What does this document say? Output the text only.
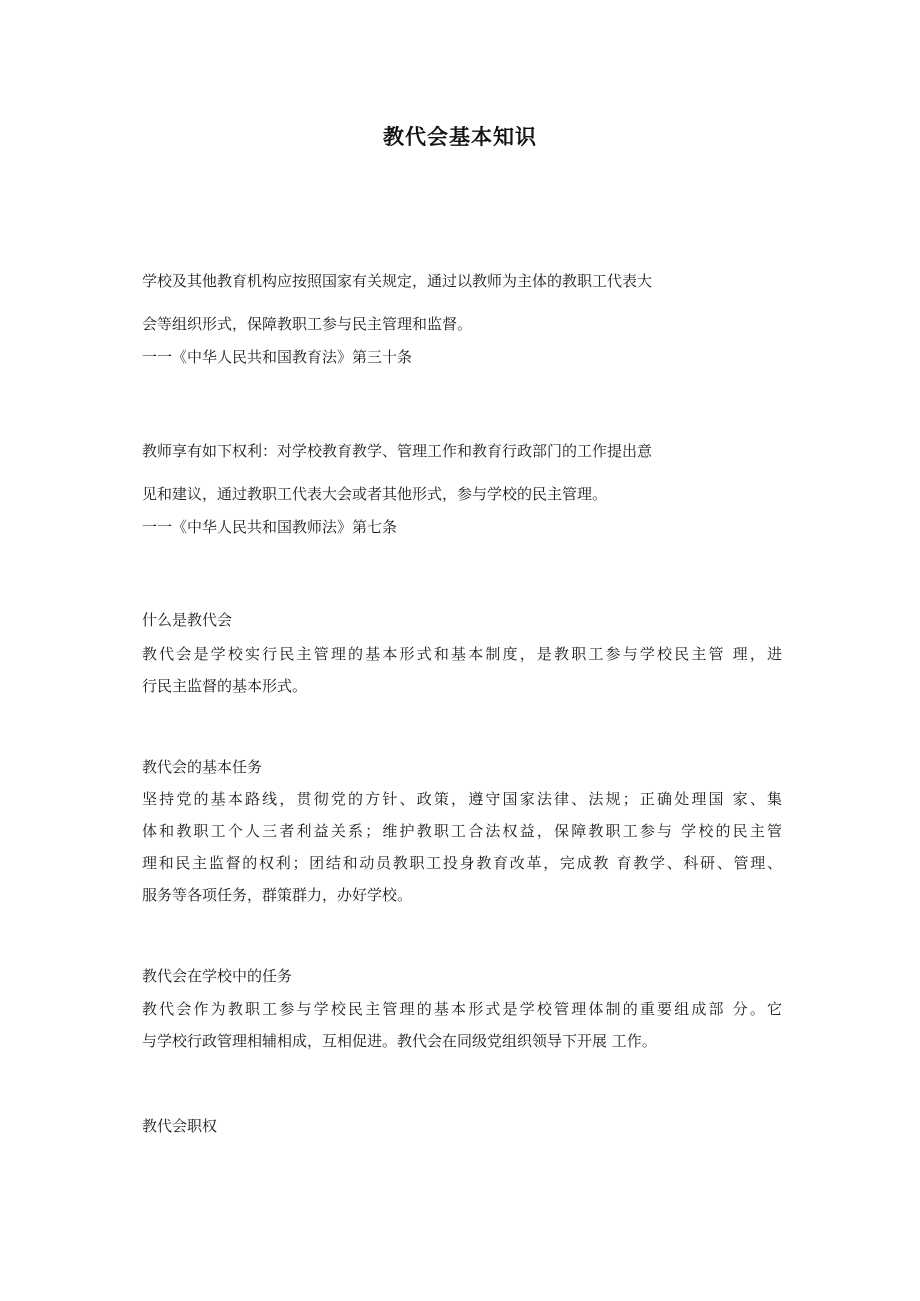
教代会基本知识
学校及其他教育机构应按照国家有关规定，通过以教师为主体的教职工代表大
会等组织形式，保障教职工参与民主管理和监督。
一一《中华人民共和国教育法》第三十条
教师享有如下权利：对学校教育教学、管理工作和教育行政部门的工作提出意
见和建议，通过教职工代表大会或者其他形式，参与学校的民主管理。
一一《中华人民共和国教师法》第七条
什么是教代会
教代会是学校实行民主管理的基本形式和基本制度，是教职工参与学校民主管 理，进
行民主监督的基本形式。
教代会的基本任务
坚持党的基本路线，贯彻党的方针、政策，遵守国家法律、法规；正确处理国 家、集
体和教职工个人三者利益关系；维护教职工合法权益，保障教职工参与 学校的民主管
理和民主监督的权利；团结和动员教职工投身教育改革，完成教 育教学、科研、管理、
服务等各项任务，群策群力，办好学校。
教代会在学校中的任务
教代会作为教职工参与学校民主管理的基本形式是学校管理体制的重要组成部 分。它
与学校行政管理相辅相成，互相促进。教代会在同级党组织领导下开展 工作。
教代会职权
